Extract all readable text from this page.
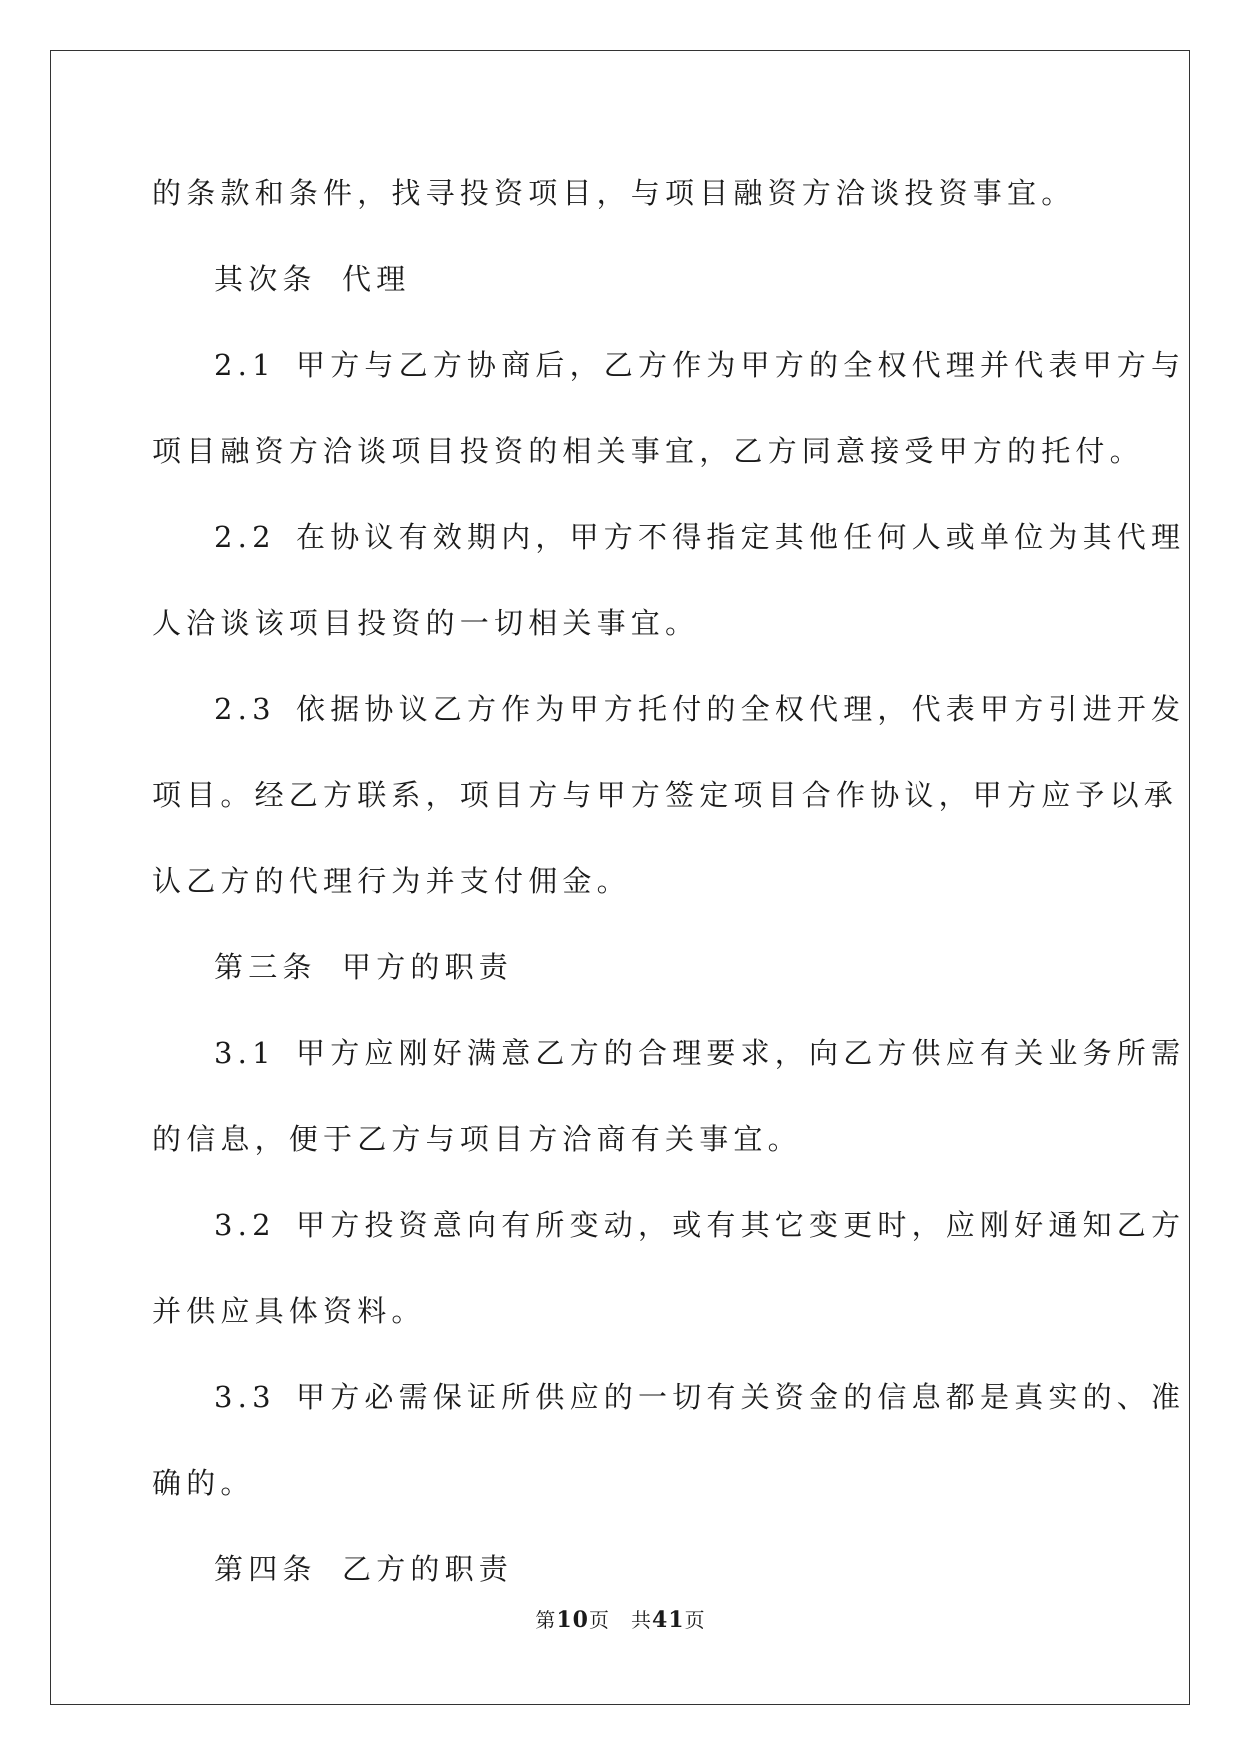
的条款和条件，找寻投资项目，与项目融资方洽谈投资事宜。
其次条 代理
2.1 甲方与乙方协商后，乙方作为甲方的全权代理并代表甲方与
项目融资方洽谈项目投资的相关事宜，乙方同意接受甲方的托付。
2.2 在协议有效期内，甲方不得指定其他任何人或单位为其代理
人洽谈该项目投资的一切相关事宜。
2.3 依据协议乙方作为甲方托付的全权代理，代表甲方引进开发
项目。经乙方联系，项目方与甲方签定项目合作协议，甲方应予以承
认乙方的代理行为并支付佣金。
第三条 甲方的职责
3.1 甲方应刚好满意乙方的合理要求，向乙方供应有关业务所需
的信息，便于乙方与项目方洽商有关事宜。
3.2 甲方投资意向有所变动，或有其它变更时，应刚好通知乙方
并供应具体资料。
3.3 甲方必需保证所供应的一切有关资金的信息都是真实的、准
确的。
第四条 乙方的职责
第10页　共41页
